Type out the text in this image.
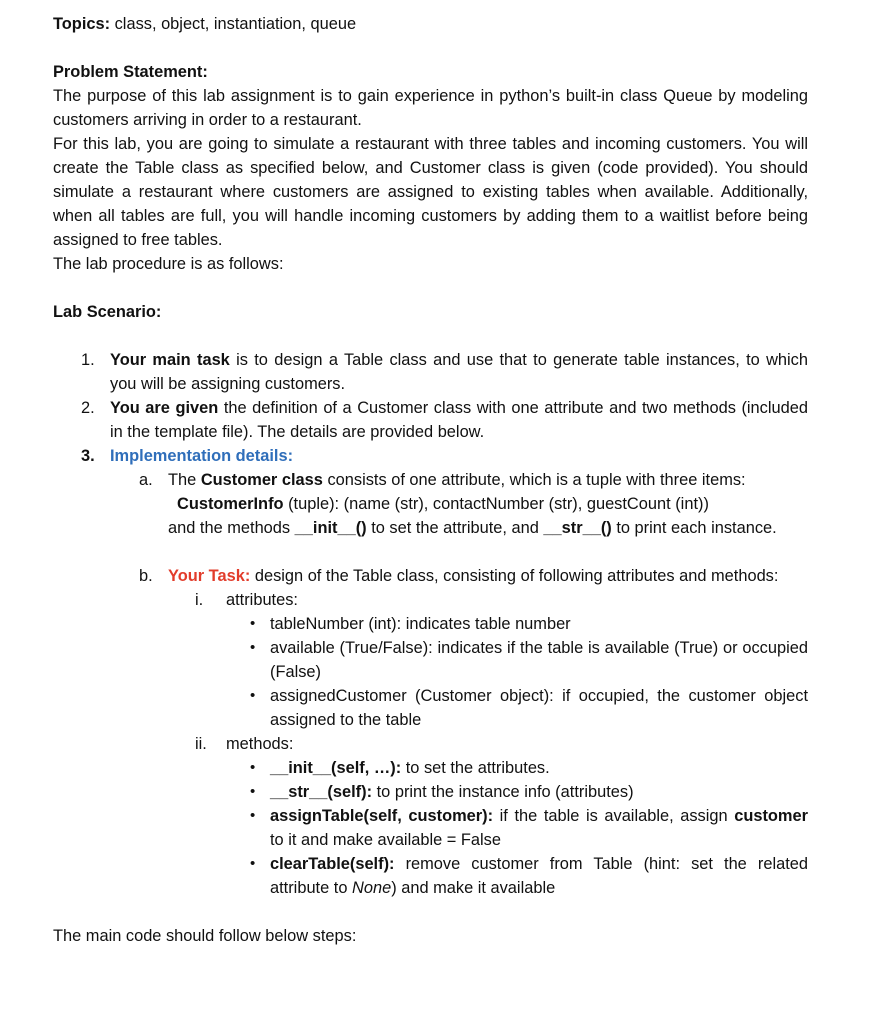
Topics: class, object, instantiation, queue

Problem Statement:

The purpose of this lab assignment is to gain experience in python’s built-in class Queue by modeling customers arriving in order to a restaurant.

For this lab, you are going to simulate a restaurant with three tables and incoming customers. You will create the Table class as specified below, and Customer class is given (code provided). You should simulate a restaurant where customers are assigned to existing tables when available. Additionally, when all tables are full, you will handle incoming customers by adding them to a waitlist before being assigned to free tables.

The lab procedure is as follows:

Lab Scenario:

1. Your main task is to design a Table class and use that to generate table instances, to which you will be assigning customers.
2. You are given the definition of a Customer class with one attribute and two methods (included in the template file). The details are provided below.
3. Implementation details:
a. The Customer class consists of one attribute, which is a tuple with three items:

CustomerInfo (tuple): (name (str), contactNumber (str), guestCount (int))

and the methods __init__() to set the attribute, and __str__() to print each instance.

b. Your Task: design of the Table class, consisting of following attributes and methods:
i. attributes:
• tableNumber (int): indicates table number
• available (True/False): indicates if the table is available (True) or occupied (False)
• assignedCustomer (Customer object): if occupied, the customer object assigned to the table
ii. methods:
• __init__(self, …): to set the attributes.
• __str__(self): to print the instance info (attributes)
• assignTable(self, customer): if the table is available, assign customer to it and make available = False
• clearTable(self): remove customer from Table (hint: set the related attribute to None) and make it available

The main code should follow below steps:
